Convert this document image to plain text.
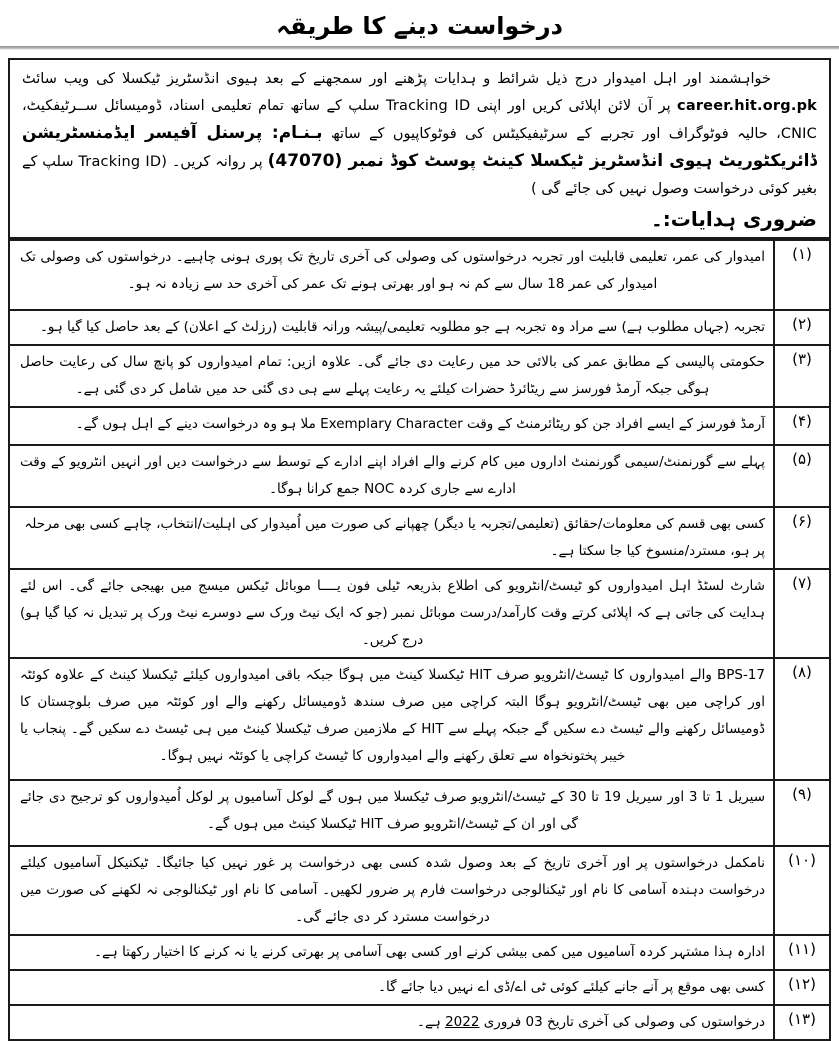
درخواست دینے کا طریقہ

خواہشمند اور اہل امیدوار درج ذیل شرائط و ہدایات پڑھنے اور سمجھنے کے بعد ہیوی انڈسٹریز ٹیکسلا کی ویب سائٹ career.hit.org.pk پر آن لائن اپلائی کریں اور اپنی Tracking ID سلپ کے ساتھ تمام تعلیمی اسناد، ڈومیسائل ســرٹیفکیٹ، CNIC، حالیہ فوٹوگراف اور تجربے کے سرٹیفیکیٹس کی فوٹوکاپیوں کے ساتھ بـنـام: پرسنل آفیسر ایڈمنسٹریشن ڈائریکٹوریٹ ہیوی انڈسٹریز ٹیکسلا کینٹ پوسٹ کوڈ نمبر (47070) پر روانہ کریں۔ (Tracking ID سلپ کے بغیر کوئی درخواست وصول نہیں کی جائے گی )

ضروری ہدایات:۔
امیدوار کی عمر، تعلیمی قابلیت اور تجربہ درخواستوں کی وصولی کی آخری تاریخ تک پوری ہونی چاہیے۔ درخواستوں کی وصولی تک امیدوار کی عمر 18 سال سے کم نہ ہو اور بھرتی ہونے تک عمر کی آخری حد سے زیادہ نہ ہو۔
(۱)
تجربہ (جہاں مطلوب ہے) سے مراد وہ تجربہ ہے جو مطلوبہ تعلیمی/پیشہ ورانہ قابلیت (رزلٹ کے اعلان) کے بعد حاصل کیا گیا ہو۔	(۲)
حکومتی پالیسی کے مطابق عمر کی بالائی حد میں رعایت دی جائے گی۔ علاوہ ازیں: تمام امیدواروں کو پانچ سال کی رعایت حاصل ہوگی جبکہ آرمڈ فورسز سے ریٹائرڈ حضرات کیلئے یہ رعایت پہلے سے ہی دی گئی حد میں شامل کر دی گئی ہے۔
(۳)
آرمڈ فورسز کے ایسے افراد جن کو ریٹائرمنٹ کے وقت Exemplary Character ملا ہو وہ درخواست دینے کے اہل ہوں گے۔	(۴)
پہلے سے گورنمنٹ/سیمی گورنمنٹ اداروں میں کام کرنے والے افراد اپنے ادارے کے توسط سے درخواست دیں اور انہیں انٹرویو کے وقت ادارے سے جاری کردہ NOC جمع کرانا ہوگا۔
(۵)
کسی بھی قسم کی معلومات/حقائق (تعلیمی/تجربہ یا دیگر) چھپانے کی صورت میں اُمیدوار کی اہلیت/انتخاب، چاہے کسی بھی مرحلہ پر ہو، مسترد/منسوخ کیا جا سکتا ہے۔
(۶)
شارٹ لسٹڈ اہل امیدواروں کو ٹیسٹ/انٹرویو کی اطلاع بذریعہ ٹیلی فون یــــا موبائل ٹیکس میسج میں بھیجی جائے گی۔ اس لئے ہدایت کی جاتی ہے کہ اپلائی کرتے وقت کارآمد/درست موبائل نمبر (جو کہ ایک نیٹ ورک سے دوسرے نیٹ ورک پر تبدیل نہ کیا گیا ہو) درج کریں۔
(۷)
BPS-17 والے امیدواروں کا ٹیسٹ/انٹرویو صرف HIT ٹیکسلا کینٹ میں ہوگا جبکہ باقی امیدواروں کیلئے ٹیکسلا کینٹ کے علاوہ کوئٹہ اور کراچی میں بھی ٹیسٹ/انٹرویو ہوگا البتہ کراچی میں صرف سندھ ڈومیسائل رکھنے والے اور کوئٹہ میں صرف بلوچستان کا ڈومیسائل رکھنے والے ٹیسٹ دے سکیں گے جبکہ پہلے سے HIT کے ملازمین صرف ٹیکسلا کینٹ میں ہی ٹیسٹ دے سکیں گے۔ پنجاب یا خیبر پختونخواہ سے تعلق رکھنے والے امیدواروں کا ٹیسٹ کراچی یا کوئٹہ نہیں ہوگا۔
(۸)
سیریل 1 تا 3 اور سیریل 19 تا 30 کے ٹیسٹ/انٹرویو صرف ٹیکسلا میں ہوں گے لوکل آسامیوں پر لوکل اُمیدواروں کو ترجیح دی جائے گی اور ان کے ٹیسٹ/انٹرویو صرف HIT ٹیکسلا کینٹ میں ہوں گے۔
(۹)
نامکمل درخواستوں پر اور آخری تاریخ کے بعد وصول شدہ کسی بھی درخواست پر غور نہیں کیا جائیگا۔ ٹیکنیکل آسامیوں کیلئے درخواست دہندہ آسامی کا نام اور ٹیکنالوجی درخواست فارم پر ضرور لکھیں۔ آسامی کا نام اور ٹیکنالوجی نہ لکھنے کی صورت میں درخواست مسترد کر دی جائے گی۔
(۱۰)
ادارہ ہذا مشتہر کردہ آسامیوں میں کمی بیشی کرنے اور کسی بھی آسامی پر بھرتی کرنے یا نہ کرنے کا اختیار رکھتا ہے۔	(۱۱)
کسی بھی موقع پر آنے جانے کیلئے کوئی ٹی اے/ڈی اے نہیں دیا جائے گا۔	(۱۲)
درخواستوں کی وصولی کی آخری تاریخ 03 فروری 2022 ہے۔	(۱۳)
